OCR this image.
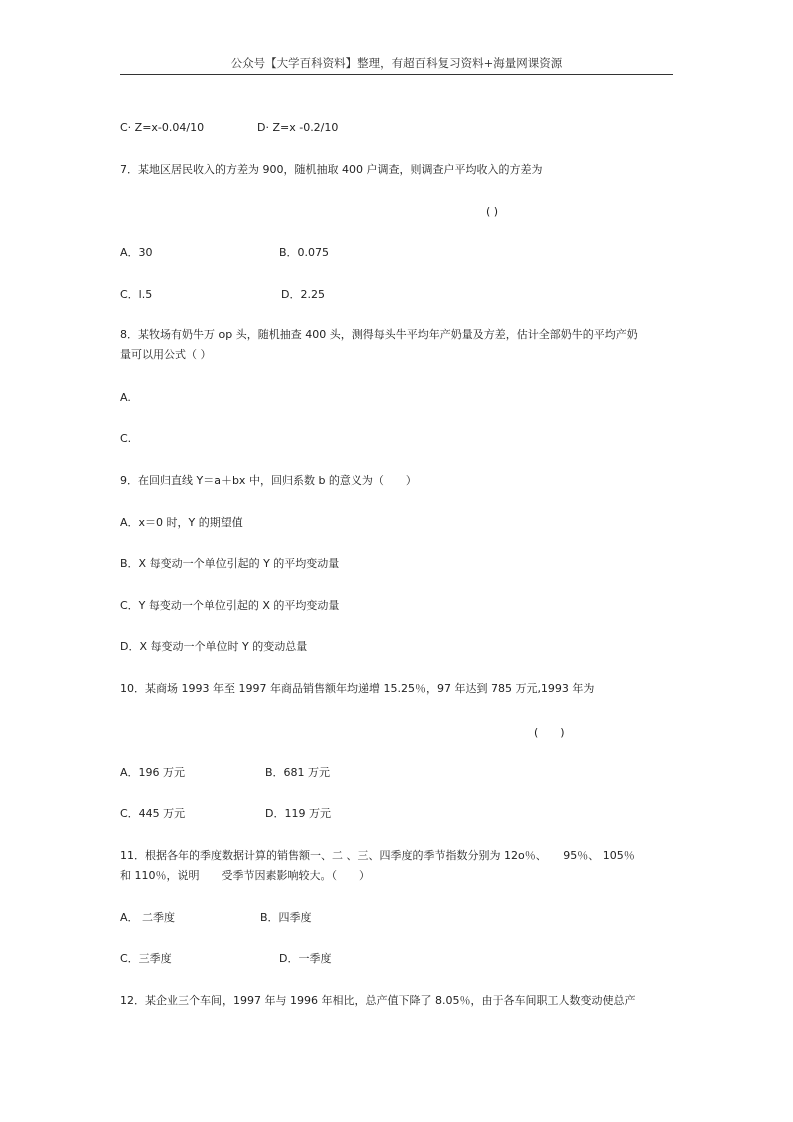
公众号【大学百科资料】整理，有超百科复习资料+海量网课资源
C· Z=x-0.04/10	D· Z=x -0.2/10
7．某地区居民收入的方差为 900，随机抽取 400 户调查，则调查户平均收入的方差为
( )
A．30	B．0.075
C．l.5	D．2.25
8．某牧场有奶牛万 op 头，随机抽查 400 头，测得每头牛平均年产奶量及方差，估计全部奶牛的平均产奶
量可以用公式（ ）
A.
C.
9．在回归直线 Y＝a＋bx 中，回归系数 b 的意义为（　　）
A．x＝0 时，Y 的期望值
B．X 每变动一个单位引起的 Y 的平均变动量
C．Y 每变动一个单位引起的 X 的平均变动量
D．X 每变动一个单位时 Y 的变动总量
10．某商场 1993 年至 1997 年商品销售额年均递增 15.25％，97 年达到 785 万元,1993 年为
(　　)
A．196 万元	B．681 万元
C．445 万元	D．119 万元
11．根据各年的季度数据计算的销售额一、二 、三、四季度的季节指数分别为 12o％、　　95％、 105％
和 110％，说明　　受季节因素影响较大。（　　）
A． 二季度	B．四季度
C．三季度	D．一季度
12．某企业三个车间，1997 年与 1996 年相比，总产值下降了 8.05％，由于各车间职工人数变动使总产
